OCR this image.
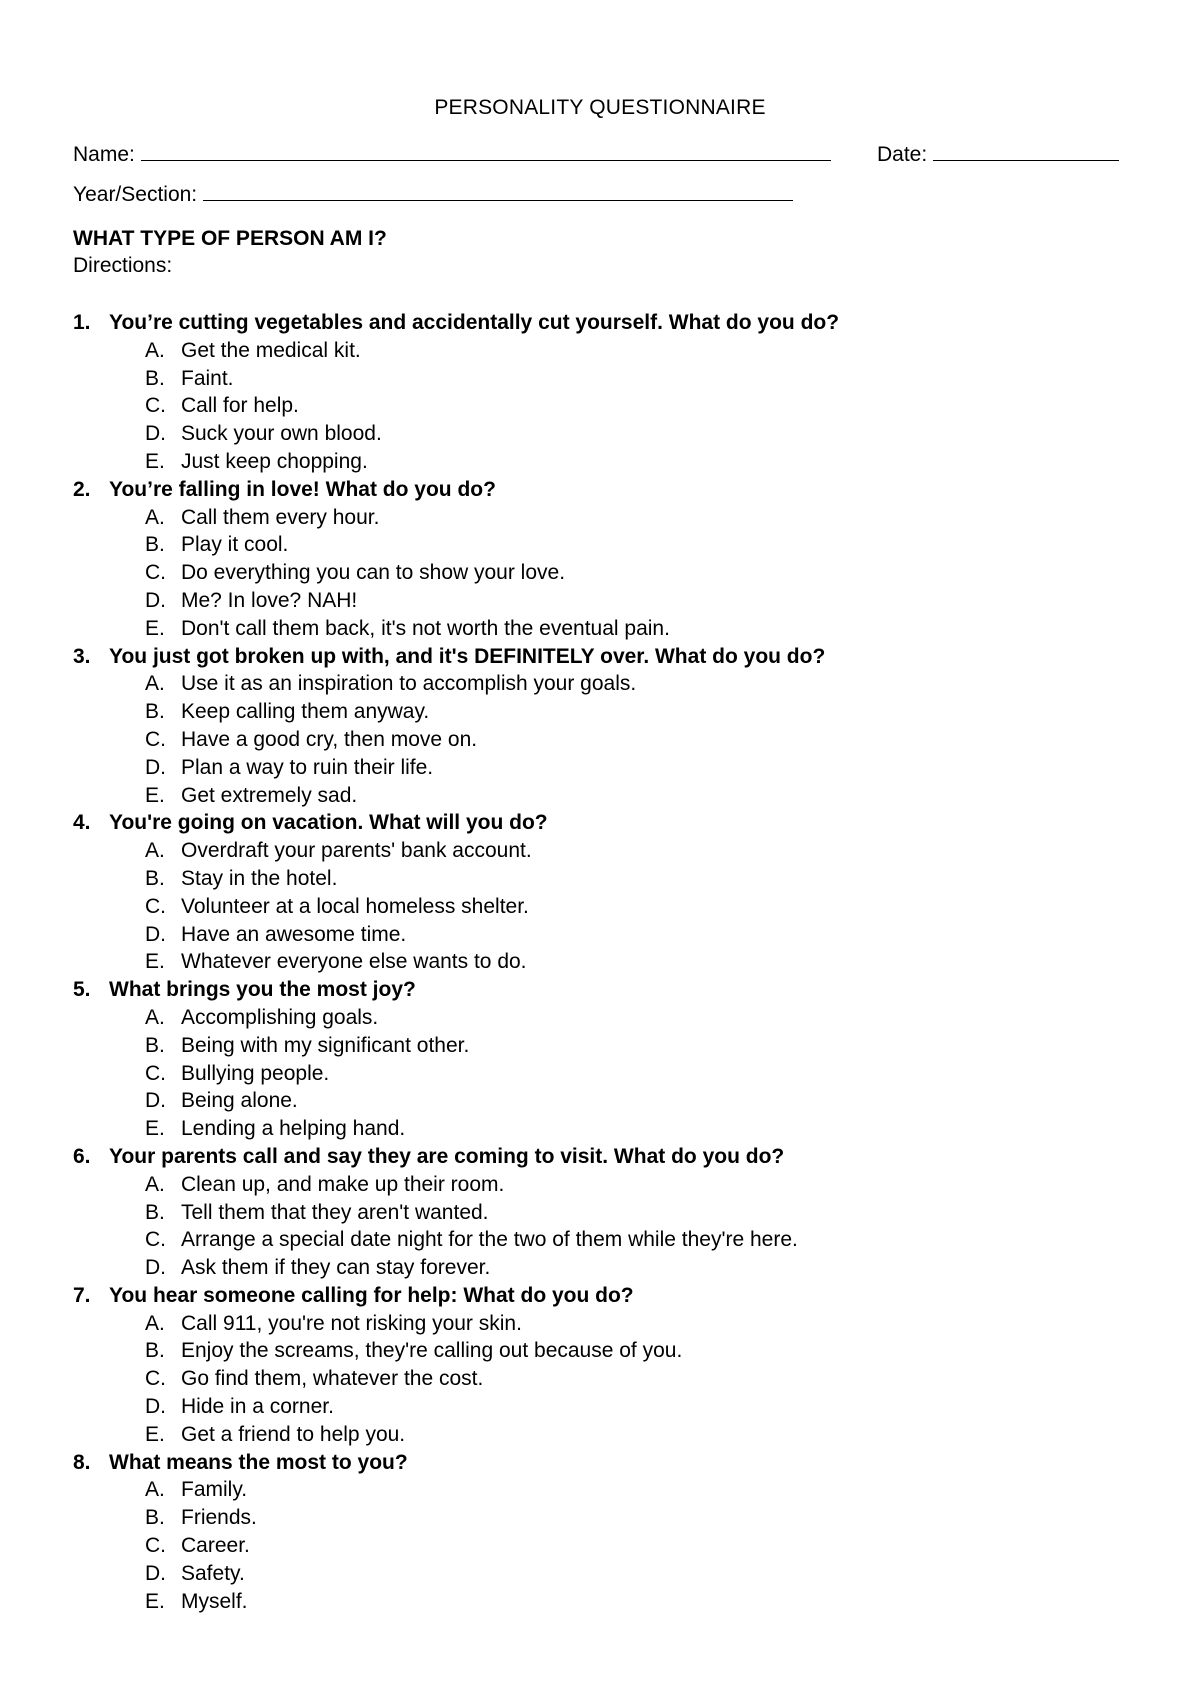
PERSONALITY QUESTIONNAIRE
Name:	Date:
Year/Section:
WHAT TYPE OF PERSON AM I?
Directions:
1. You’re cutting vegetables and accidentally cut yourself. What do you do?
A. Get the medical kit.
B. Faint.
C. Call for help.
D. Suck your own blood.
E. Just keep chopping.
2. You’re falling in love! What do you do?
A. Call them every hour.
B. Play it cool.
C. Do everything you can to show your love.
D. Me? In love? NAH!
E. Don't call them back, it's not worth the eventual pain.
3. You just got broken up with, and it's DEFINITELY over. What do you do?
A. Use it as an inspiration to accomplish your goals.
B. Keep calling them anyway.
C. Have a good cry, then move on.
D. Plan a way to ruin their life.
E. Get extremely sad.
4. You're going on vacation. What will you do?
A. Overdraft your parents' bank account.
B. Stay in the hotel.
C. Volunteer at a local homeless shelter.
D. Have an awesome time.
E. Whatever everyone else wants to do.
5. What brings you the most joy?
A. Accomplishing goals.
B. Being with my significant other.
C. Bullying people.
D. Being alone.
E. Lending a helping hand.
6. Your parents call and say they are coming to visit. What do you do?
A. Clean up, and make up their room.
B. Tell them that they aren't wanted.
C. Arrange a special date night for the two of them while they're here.
D. Ask them if they can stay forever.
7. You hear someone calling for help: What do you do?
A. Call 911, you're not risking your skin.
B. Enjoy the screams, they're calling out because of you.
C. Go find them, whatever the cost.
D. Hide in a corner.
E. Get a friend to help you.
8. What means the most to you?
A. Family.
B. Friends.
C. Career.
D. Safety.
E. Myself.
